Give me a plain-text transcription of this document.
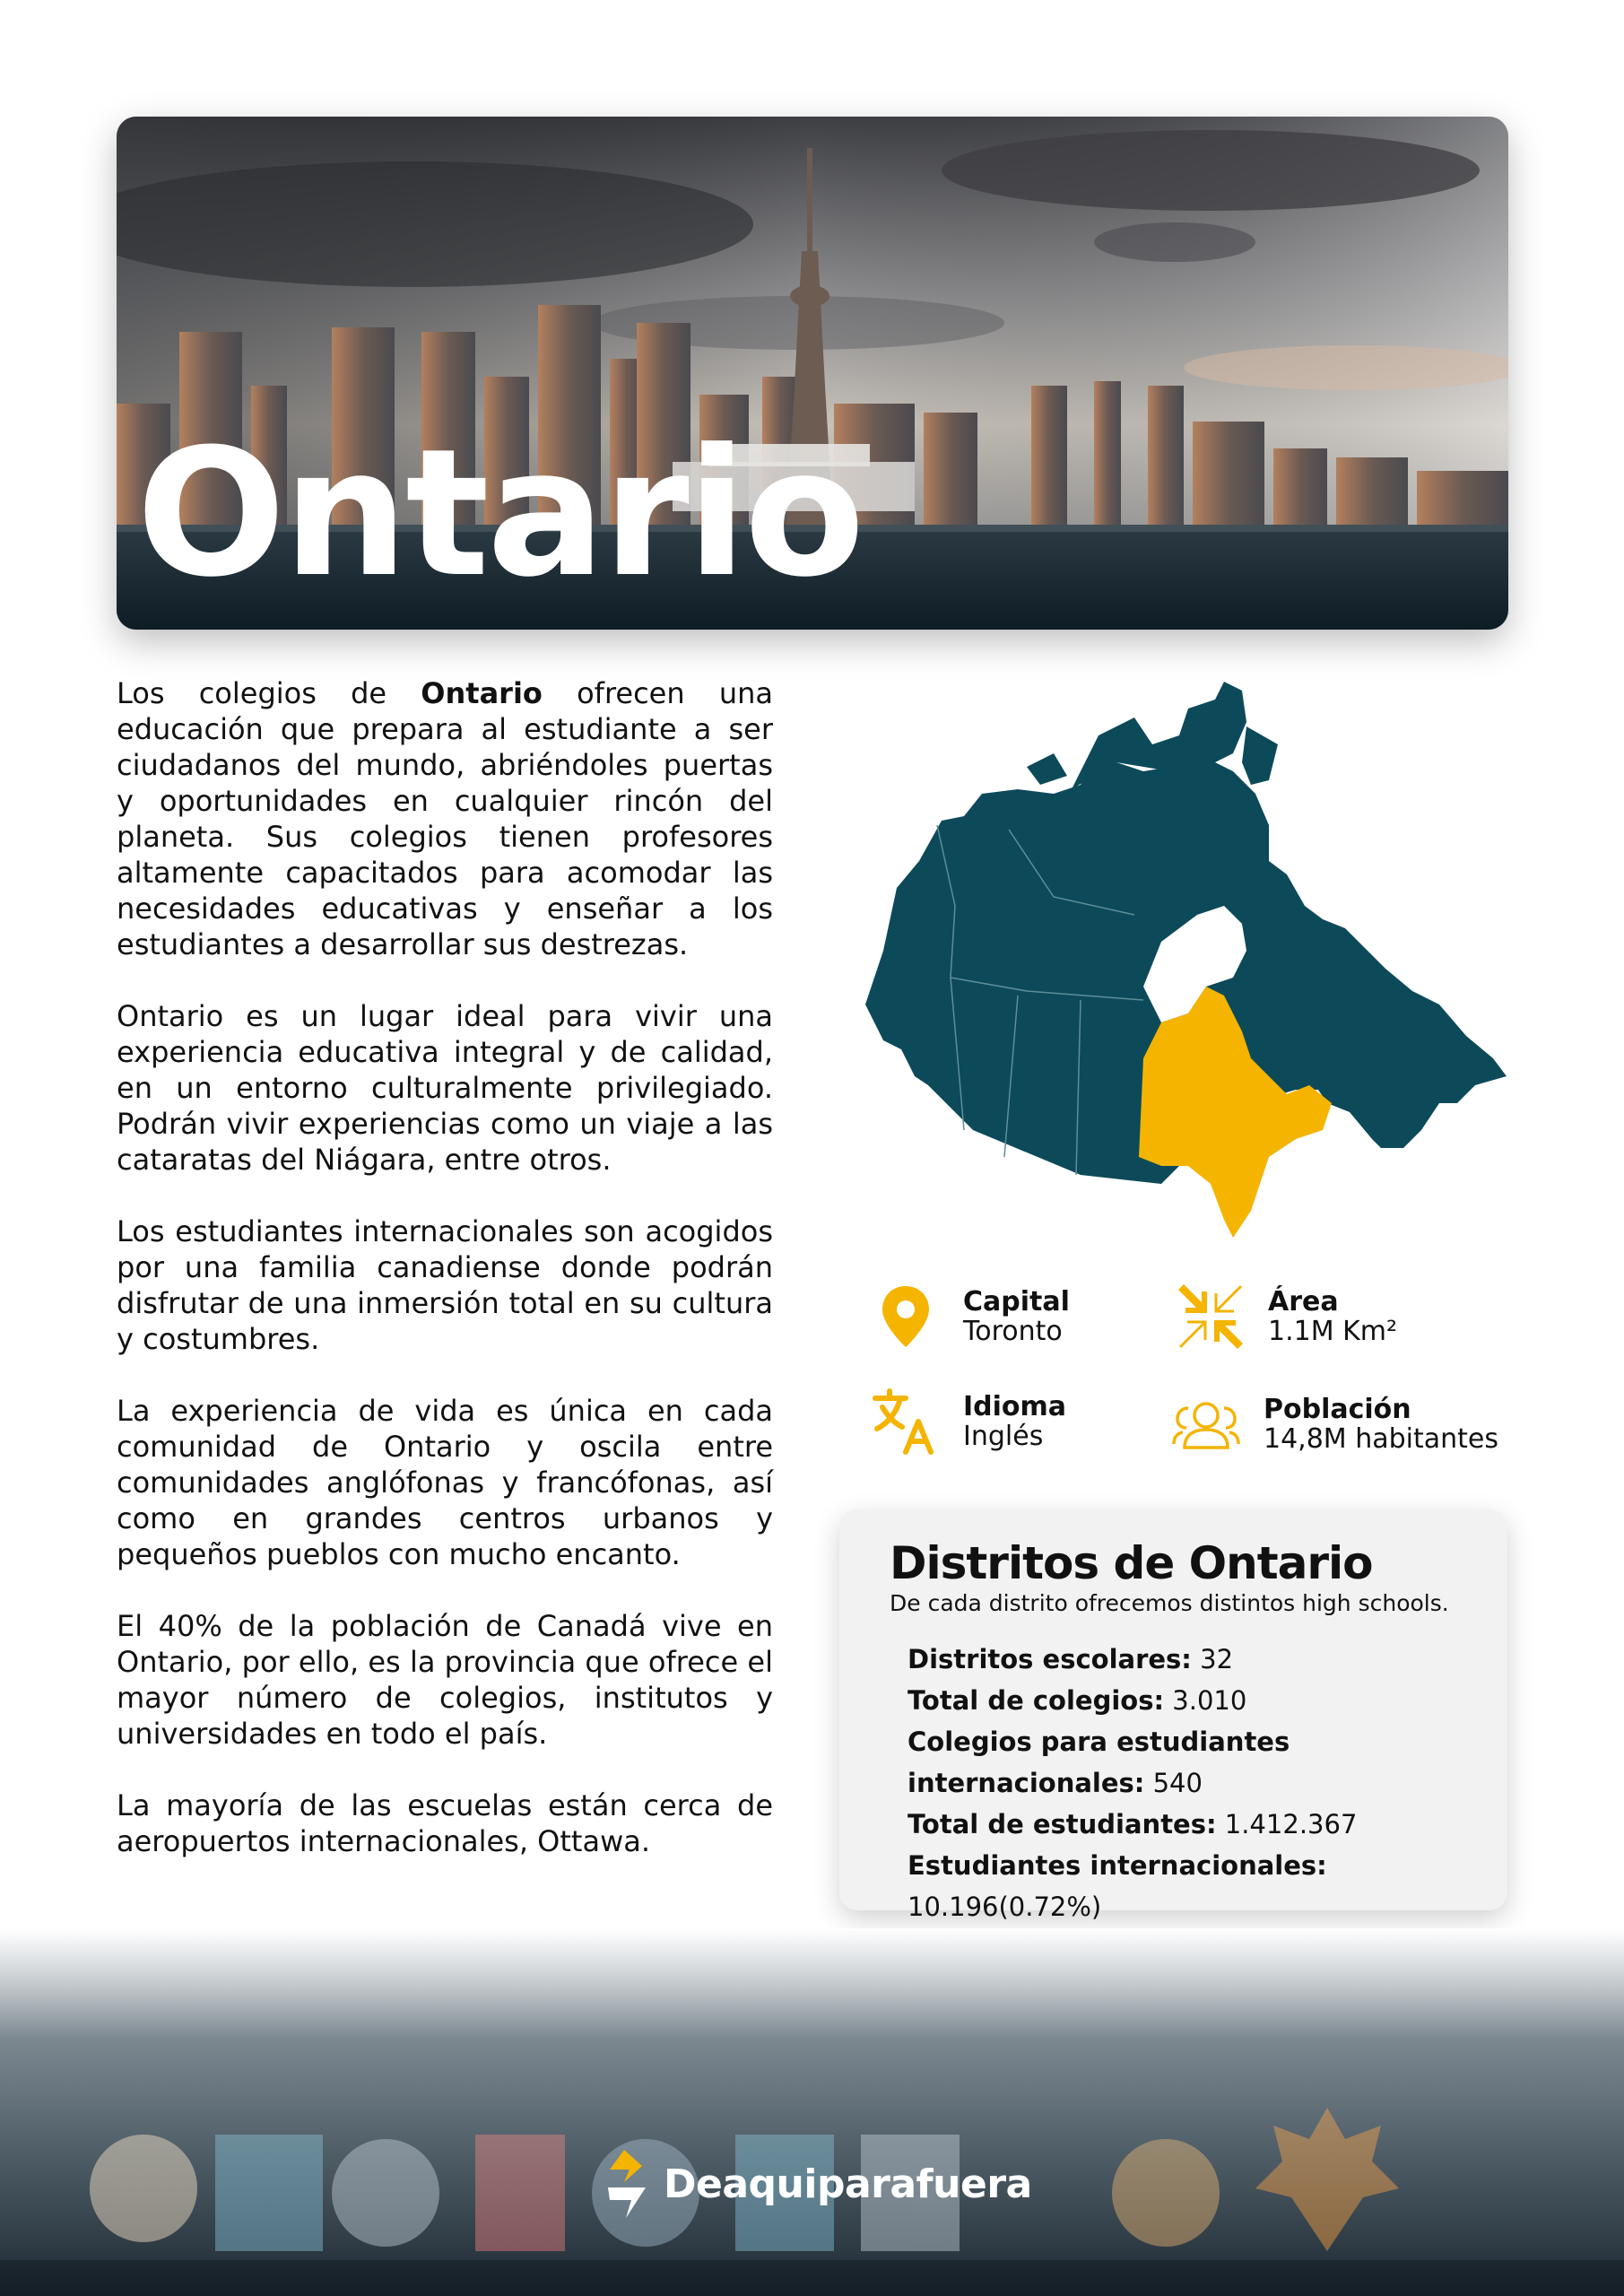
Ontario

Los colegios de Ontario ofrecen una educación que prepara al estudiante a ser ciudadanos del mundo, abriéndoles puertas y oportunidades en cualquier rincón del planeta. Sus colegios tienen profesores altamente capacitados para acomodar las necesidades educativas y enseñar a los estudiantes a desarrollar sus destrezas.

Ontario es un lugar ideal para vivir una experiencia educativa integral y de calidad, en un entorno culturalmente privilegiado. Podrán vivir experiencias como un viaje a las cataratas del Niágara, entre otros.

Los estudiantes internacionales son acogidos por una familia canadiense donde podrán disfrutar de una inmersión total en su cultura y costumbres.

La experiencia de vida es única en cada comunidad de Ontario y oscila entre comunidades anglófonas y francófonas, así como en grandes centros urbanos y pequeños pueblos con mucho encanto.

El 40% de la población de Canadá vive en Ontario, por ello, es la provincia que ofrece el mayor número de colegios, institutos y universidades en todo el país.

La mayoría de las escuelas están cerca de aeropuertos internacionales, Ottawa.

Capital
Toronto
Área
1.1M Km²
Idioma
Inglés
Población
14,8M habitantes
Distritos de Ontario
De cada distrito ofrecemos distintos high schools.
Distritos escolares: 32
Total de colegios: 3.010
Colegios para estudiantes
internacionales: 540
Total de estudiantes: 1.412.367
Estudiantes internacionales: 10.196(0.72%)
Deaquiparafuera
